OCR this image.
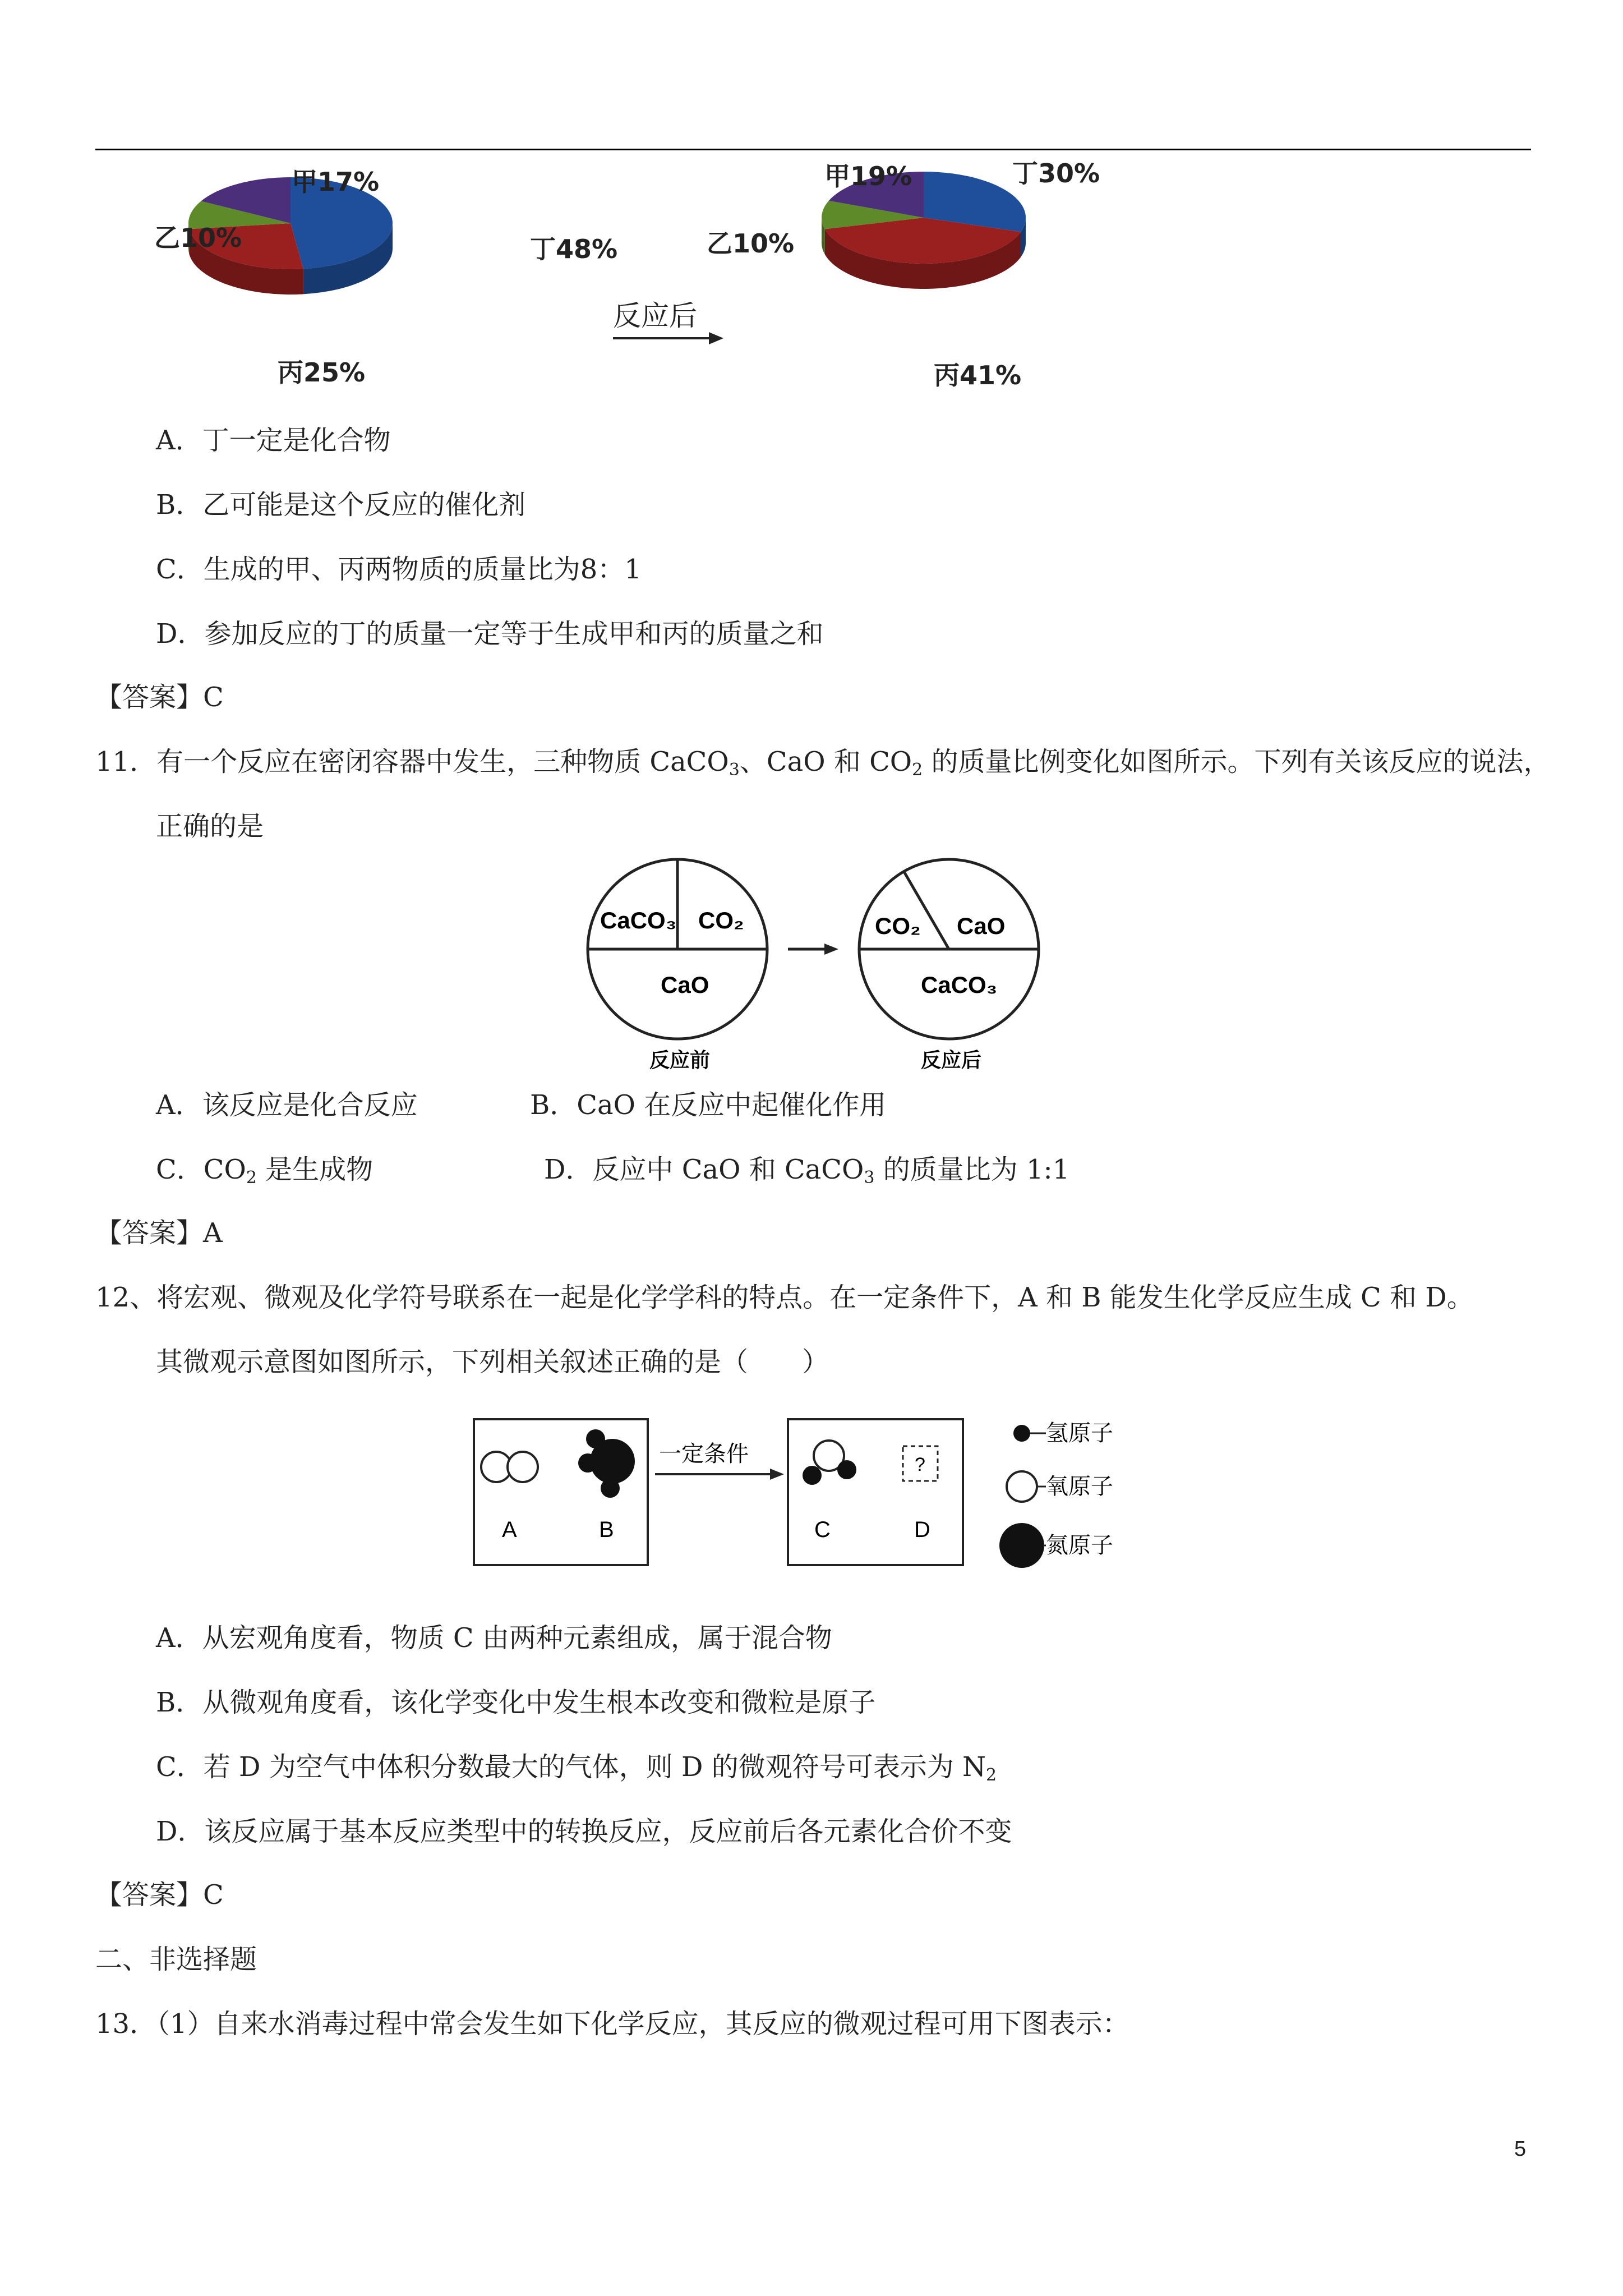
反应后
甲17%
乙10%
丙25%
丁48%
甲19%
乙10%
丙41%
丁30%
A．丁一定是化合物
B．乙可能是这个反应的催化剂
C．生成的甲、丙两物质的质量比为8：1
D．参加反应的丁的质量一定等于生成甲和丙的质量之和
【答案】C
11．有一个反应在密闭容器中发生，三种物质 CaCO$_3$、CaO 和 $CO_2$ 的质量比例变化如图所示。下列有关该反应的说法，
正确的是
CaCO₃ CO₂
CaO
反应前
CO₂ CaO
CaCO₃
反应后
A．该反应是化合反应	B．CaO 在反应中起催化作用
C．$CO_2$ 是生成物	D．反应中 CaO 和 CaCO$_3$ 的质量比为 1:1
【答案】A
12、将宏观、微观及化学符号联系在一起是化学学科的特点。在一定条件下，A 和 B 能发生化学反应生成 C 和 D。
其微观示意图如图所示，下列相关叙述正确的是（　　）
A	B
一定条件	?
C	D
氢原子
氧原子
氮原子
A．从宏观角度看，物质 C 由两种元素组成，属于混合物
B．从微观角度看，该化学变化中发生根本改变和微粒是原子
C．若 D 为空气中体积分数最大的气体，则 D 的微观符号可表示为 $N_2$
D．该反应属于基本反应类型中的转换反应，反应前后各元素化合价不变
【答案】C
二、非选择题
13．（1）自来水消毒过程中常会发生如下化学反应，其反应的微观过程可用下图表示：
5
